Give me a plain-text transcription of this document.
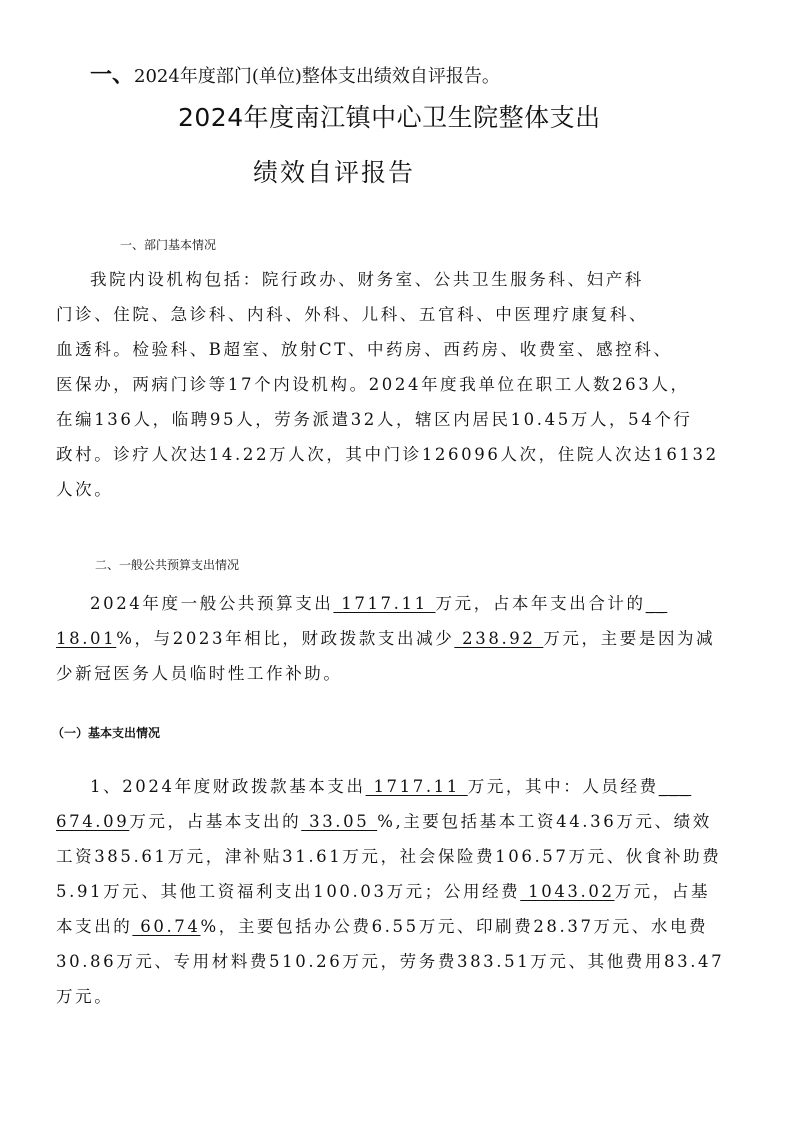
一、2024年度部门(单位)整体支出绩效自评报告。
2024年度南江镇中心卫生院整体支出
绩效自评报告
一、部门基本情况
我院内设机构包括：院行政办、财务室、公共卫生服务科、妇产科
门诊、住院、急诊科、内科、外科、儿科、五官科、中医理疗康复科、
血透科。检验科、B超室、放射CT、中药房、西药房、收费室、感控科、
医保办，两病门诊等17个内设机构。2024年度我单位在职工人数263人，
在编136人，临聘95人，劳务派遣32人，辖区内居民10.45万人，54个行
政村。诊疗人次达14.22万人次，其中门诊126096人次，住院人次达16132
人次。
二、一般公共预算支出情况
2024年度一般公共预算支出 1717.11 万元，占本年支出合计的__
18.01%，与2023年相比，财政拨款支出减少 238.92 万元，主要是因为减
少新冠医务人员临时性工作补助。
（一）基本支出情况
1、2024年度财政拨款基本支出 1717.11 万元，其中：人员经费___
674.09万元，占基本支出的 33.05 %,主要包括基本工资44.36万元、绩效
工资385.61万元，津补贴31.61万元，社会保险费106.57万元、伙食补助费
5.91万元、其他工资福利支出100.03万元；公用经费 1043.02万元，占基
本支出的 60.74%，主要包括办公费6.55万元、印刷费28.37万元、水电费
30.86万元、专用材料费510.26万元，劳务费383.51万元、其他费用83.47
万元。
